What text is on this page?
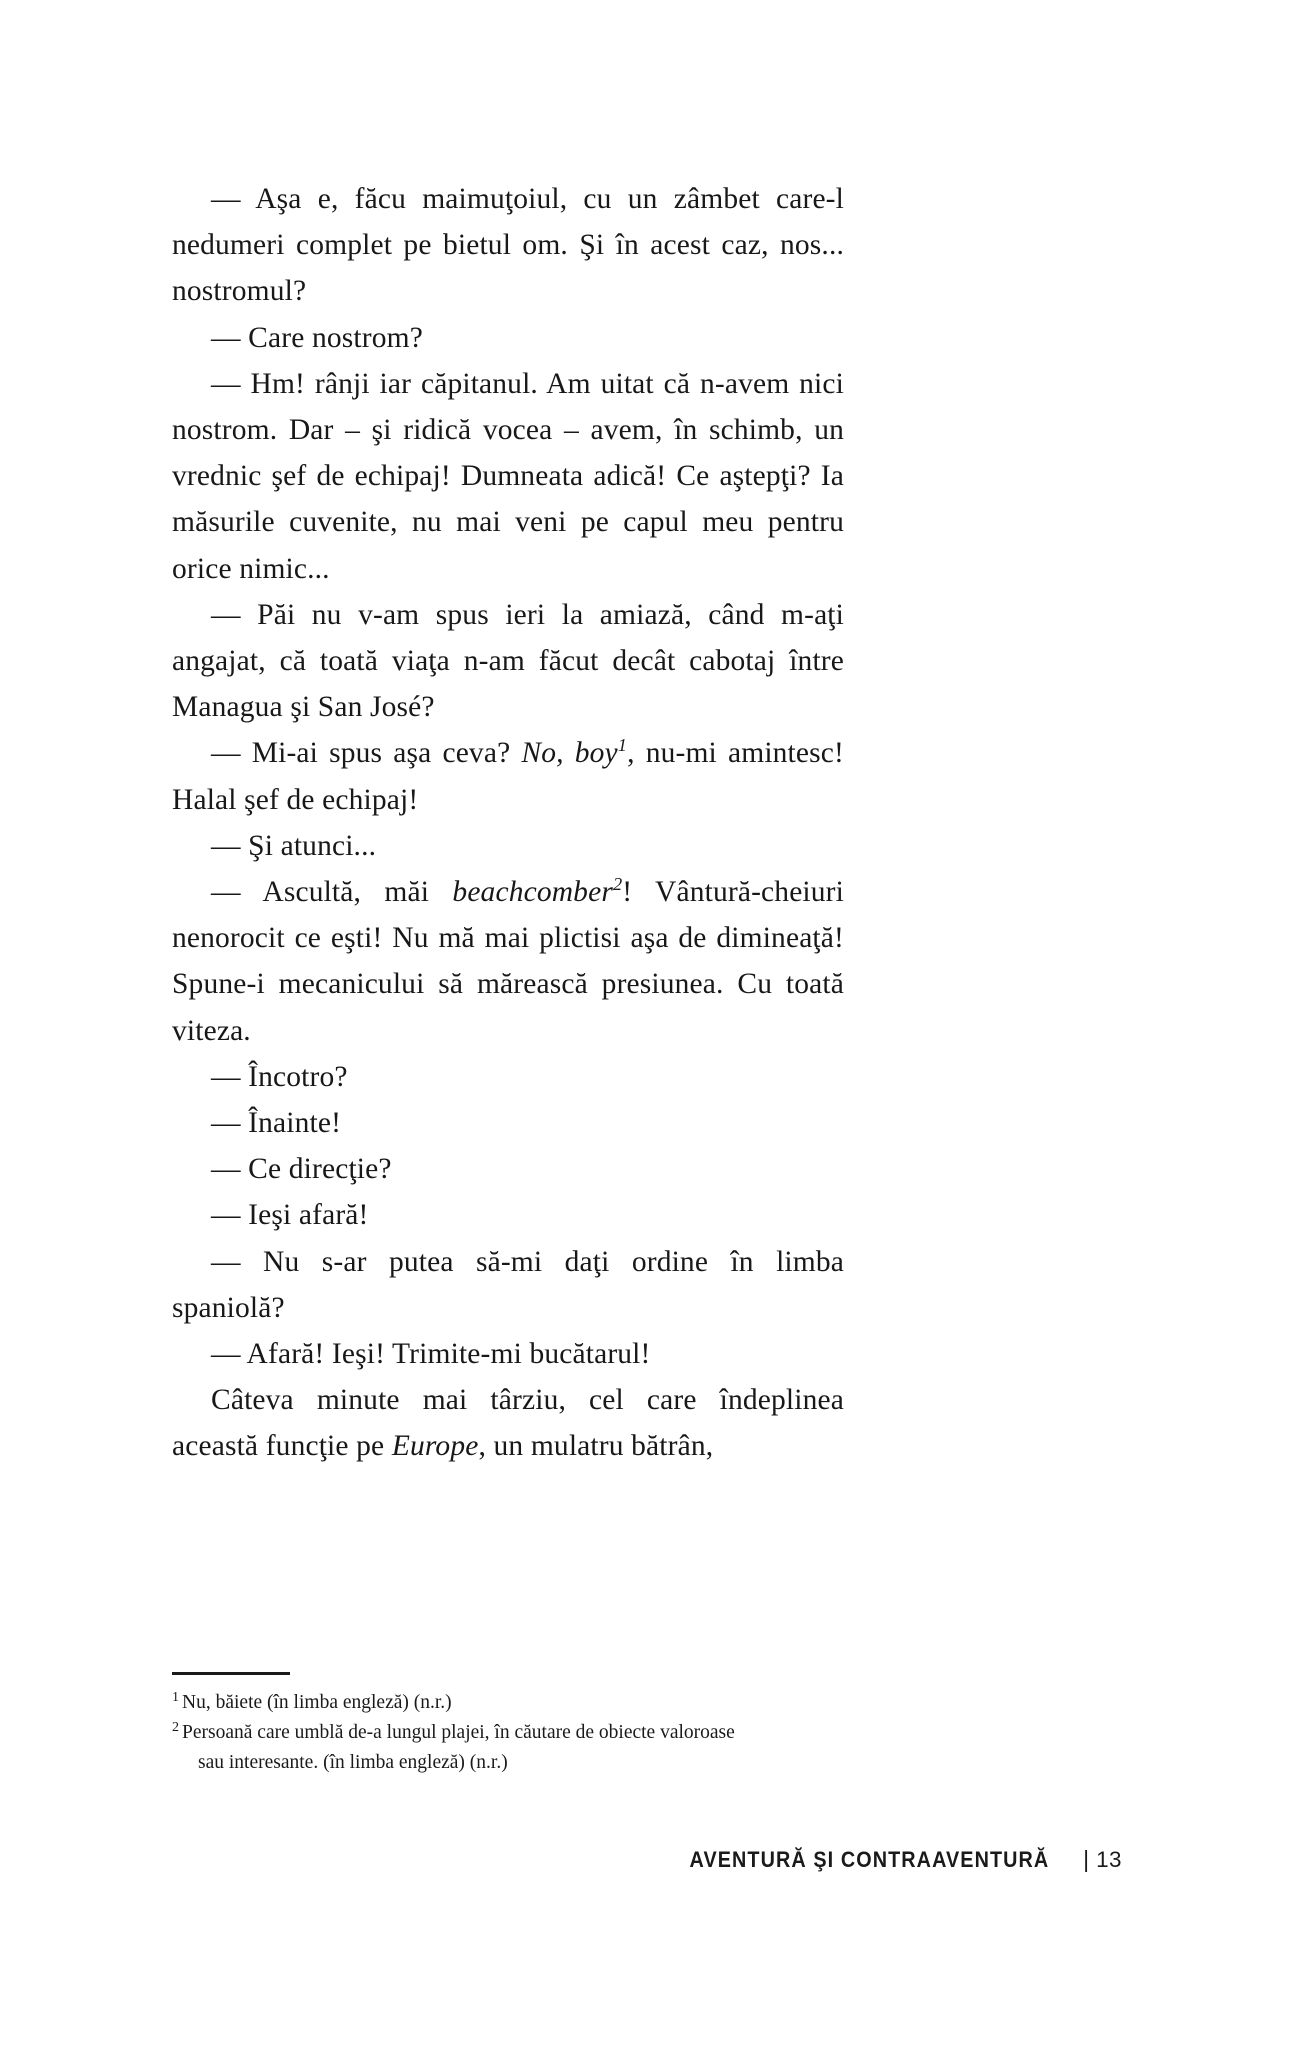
— Aşa e, făcu maimuţoiul, cu un zâmbet care-l nedumeri complet pe bietul om. Şi în acest caz, nos... nostromul?

— Care nostrom?

— Hm! rânji iar căpitanul. Am uitat că n-avem nici nostrom. Dar – şi ridică vocea – avem, în schimb, un vrednic şef de echipaj! Dumneata adică! Ce aştepţi? Ia măsurile cuvenite, nu mai veni pe capul meu pentru orice nimic...

— Păi nu v-am spus ieri la amiază, când m-aţi angajat, că toată viaţa n-am făcut decât cabotaj între Managua şi San José?

— Mi-ai spus aşa ceva? No, boy$^1$, nu-mi amintesc! Halal şef de echipaj!

— Şi atunci...

— Ascultă, măi beachcomber$^2$! Vântură-cheiuri nenorocit ce eşti! Nu mă mai plictisi aşa de dimineaţă! Spune-i mecanicului să mărească presiunea. Cu toată viteza.

— Încotro?

— Înainte!

— Ce direcţie?

— Ieşi afară!

— Nu s-ar putea să-mi daţi ordine în limba spaniolă?

— Afară! Ieşi! Trimite-mi bucătarul!

Câteva minute mai târziu, cel care îndeplinea această funcţie pe Europe, un mulatru bătrân,

$^1$ Nu, băiete (în limba engleză) (n.r.)

$^2$ Persoană care umblă de-a lungul plajei, în căutare de obiecte valoroase

sau interesante. (în limba engleză) (n.r.)

AVENTURĂ ŞI CONTRAAVENTURĂ | 13
